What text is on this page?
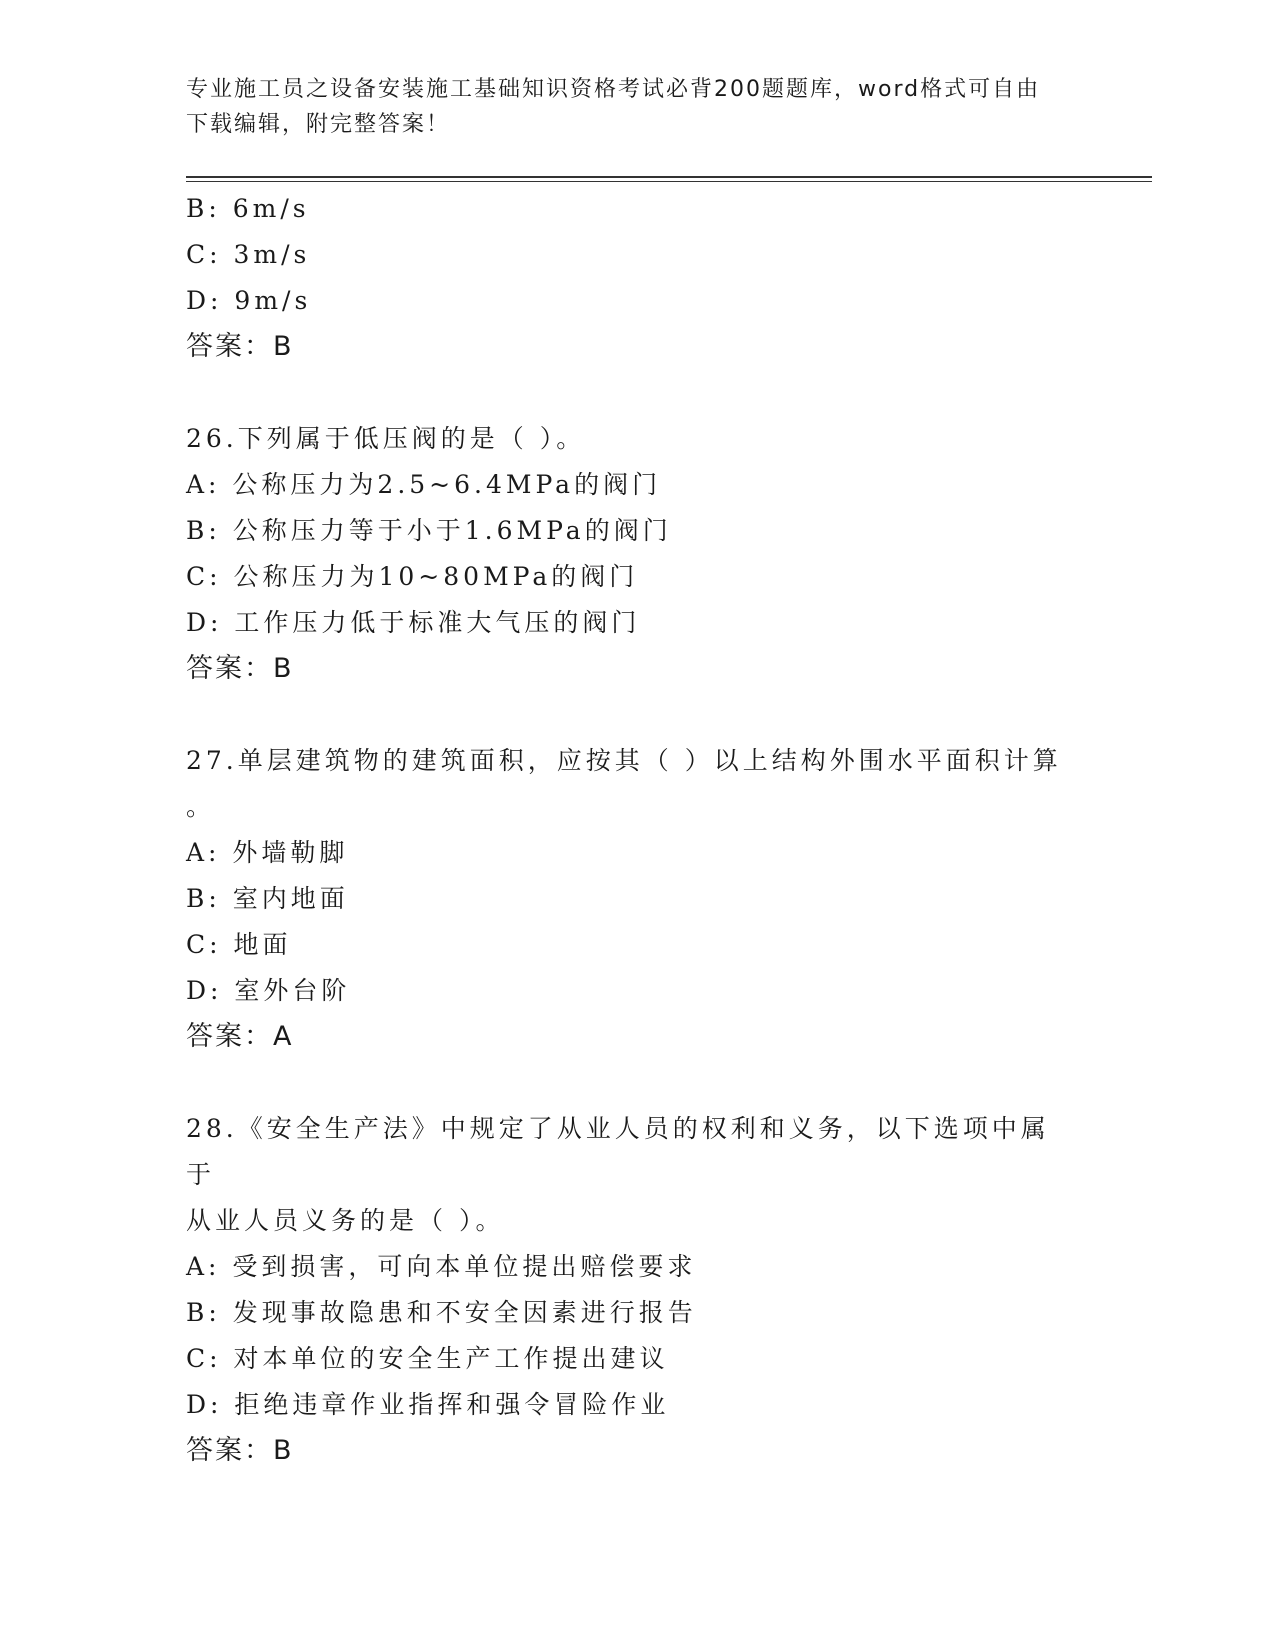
专业施工员之设备安装施工基础知识资格考试必背200题题库，word格式可自由
下载编辑，附完整答案！
B: 6m/s
C: 3m/s
D: 9m/s
答案：B
26.下列属于低压阀的是（ ）。
A: 公称压力为2.5~6.4MPa的阀门
B: 公称压力等于小于1.6MPa的阀门
C: 公称压力为10~80MPa的阀门
D: 工作压力低于标准大气压的阀门
答案：B
27.单层建筑物的建筑面积，应按其（ ）以上结构外围水平面积计算
。
A: 外墙勒脚
B: 室内地面
C: 地面
D: 室外台阶
答案：A
28.《安全生产法》中规定了从业人员的权利和义务，以下选项中属于
从业人员义务的是（ ）。
A: 受到损害，可向本单位提出赔偿要求
B: 发现事故隐患和不安全因素进行报告
C: 对本单位的安全生产工作提出建议
D: 拒绝违章作业指挥和强令冒险作业
答案：B
